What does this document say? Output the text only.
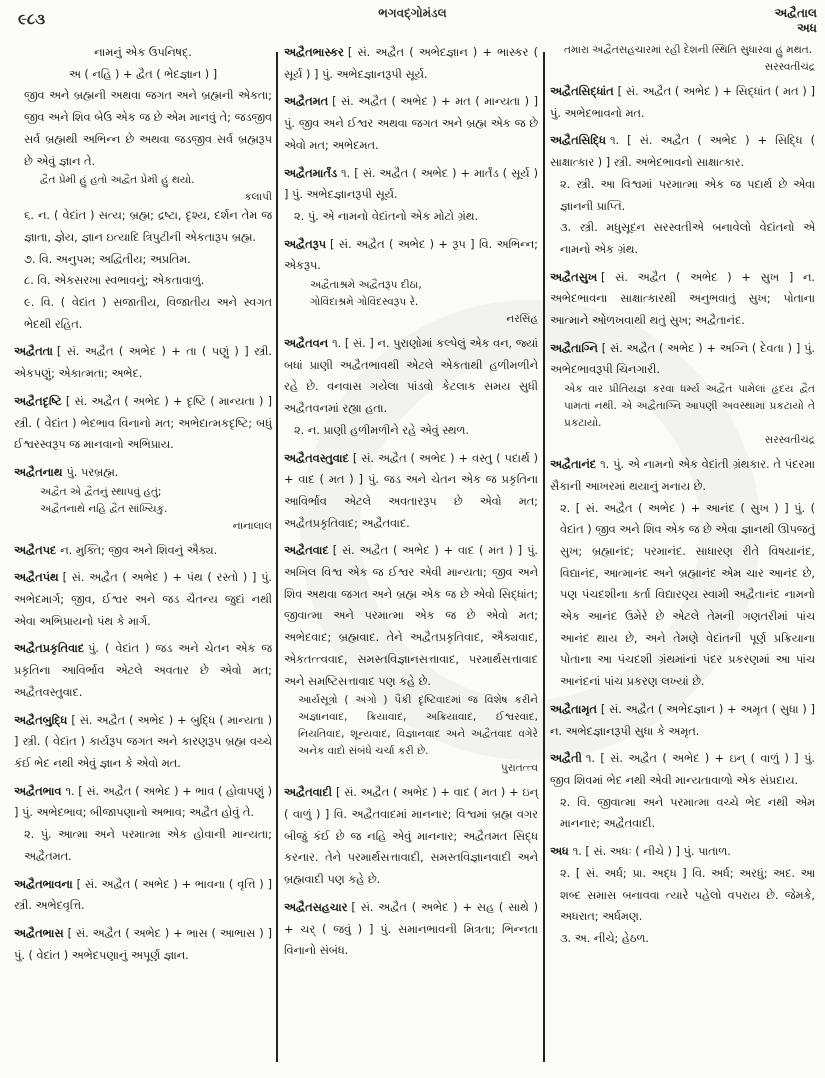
૯૮૩	ભગવદ્ગોમંડલ	અદ્વૈતાલ
અધ

નામનું એક ઉપનિષદ્.

અ ( નહિ ) + દ્વૈત ( ભેદજ્ઞાન ) ]

જીવ અને બ્રહ્મની અથવા જગત અને બ્રહ્મની એકતા; જીવ અને શિવ બેઉ એક જ છે એમ માનવું તે; જડજીવ સર્વ બ્રહ્મથી અભિન્ન છે અથવા જડજીવ સર્વ બ્રહ્મરૂપ છે એવું જ્ઞાન તે.

દ્વૈત પ્રેમી હું હતો અદ્વૈત પ્રેમી હું થયો.

કલાપી

૬. ન. ( વેદાંત ) સત્ય; બ્રહ્મ; દ્રષ્ટા, દૃશ્ય, દર્શન તેમ જ જ્ઞાતા, જ્ઞેય, જ્ઞાન ઇત્યાદિ ત્રિપુટીની એકતારૂપ બ્રહ્મ.

૭. વિ. અનુપમ; અદ્વિતીય; અપ્રતિમ.

૮. વિ. એકસરખા સ્વભાવનું; એકતાવાળું.

૯. વિ. ( વેદાંત ) સજાતીય, વિજાતીય અને સ્વગત ભેદથી રહિત.

અદ્વૈતતા [ સં. અદ્વૈત ( અભેદ ) + તા ( પણું ) ] સ્ત્રી. એકપણું; એકાત્મતા; અભેદ.
અદ્વૈતદૃષ્ટિ [ સં. અદ્વૈત ( અભેદ ) + દૃષ્ટિ ( માન્યતા ) ] સ્ત્રી. ( વેદાંત ) ભેદભાવ વિનાનો મત; અભેદાત્મકદૃષ્ટિ; બધું ઈશ્વરસ્વરૂપ જ માનવાનો અભિપ્રાય.
અદ્વૈતનાથ પું. પરબ્રહ્મ.

અદ્વૈત એ દ્વૈતનું સ્થાપવું હતું;

અદ્વૈતનાથે નહિ દ્વૈત સાંખ્યિકું.

નાનાલાલ

અદ્વૈતપદ ન. મુક્તિ; જીવ અને શિવનું ઐક્ય.
અદ્વૈતપંથ [ સં. અદ્વૈત ( અભેદ ) + પંથ ( રસ્તો ) ] પું. અભેદમાર્ગ; જીવ, ઈશ્વર અને જડ ચૈતન્ય જુદાં નથી એવા અભિપ્રાયનો પંથ કે માર્ગ.
અદ્વૈતપ્રકૃતિવાદ પું. ( વેદાંત ) જડ અને ચેતન એક જ પ્રકૃતિના આવિર્ભાવ એટલે અવતાર છે એવો મત; અદ્વૈતવસ્તુવાદ.
અદ્વૈતબુદ્ધિ [ સં. અદ્વૈત ( અભેદ ) + બુદ્ધિ ( માન્યતા ) ] સ્ત્રી. ( વેદાંત ) કાર્યરૂપ જગત અને કારણરૂપ બ્રહ્મ વચ્ચે કંઈ ભેદ નથી એવું જ્ઞાન કે એવો મત.
અદ્વૈતભાવ ૧. [ સં. અદ્વૈત ( અભેદ ) + ભાવ ( હોવાપણું ) ] પું. અભેદભાવ; બીજાપણાનો અભાવ; અદ્વૈત હોવું તે.

૨. પું. આત્મા અને પરમાત્મા એક હોવાની માન્યતા; અદ્વૈતમત.

અદ્વૈતભાવના [ સં. અદ્વૈત ( અભેદ ) + ભાવના ( વૃત્તિ ) ] સ્ત્રી. અભેદવૃત્તિ.
અદ્વૈતભાસ [ સં. અદ્વૈત ( અભેદ ) + ભાસ ( આભાસ ) ] પું. ( વેદાંત ) અભેદપણાનું અપૂર્ણ જ્ઞાન.
અદ્વૈતભાસ્કર [ સં. અદ્વૈત ( અભેદજ્ઞાન ) + ભાસ્કર ( સૂર્ય ) ] પું. અભેદજ્ઞાનરૂપી સૂર્ય.
અદ્વૈતમત [ સં. અદ્વૈત ( અભેદ ) + મત ( માન્યતા ) ] પું. જીવ અને ઈશ્વર અથવા જગત અને બ્રહ્મ એક જ છે એવો મત; અભેદમત.
અદ્વૈતમાર્તંડ ૧. [ સં. અદ્વૈત ( અભેદ ) + માર્તંડ ( સૂર્ય ) ] પું. અભેદજ્ઞાનરૂપી સૂર્ય.

૨. પું. એ નામનો વેદાંતનો એક મોટો ગ્રંથ.

અદ્વૈતરૂપ [ સં. અદ્વૈત ( અભેદ ) + રૂપ ] વિ. અભિન્ન; એકરૂપ.

અદ્વૈતાશ્રમે અદ્વૈતરૂપ દીઠા,

ગોવિંદાશ્રમે ગોવિંદસ્વરૂપ રે.

નરસિંહ

અદ્વૈતવન ૧. [ સં. ] ન. પુરાણોમાં કલ્પેલું એક વન, જ્યાં બધાં પ્રાણી અદ્વૈતભાવથી એટલે એકતાથી હળીમળીને રહે છે. વનવાસ ગયેલા પાંડવો કેટલાક સમય સુધી અદ્વૈતવનમાં રહ્યા હતા.

૨. ન. પ્રાણી હળીમળીને રહે એવું સ્થળ.

અદ્વૈતવસ્તુવાદ [ સં. અદ્વૈત ( અભેદ ) + વસ્તુ ( પદાર્થ ) + વાદ ( મત ) ] પું. જડ અને ચેતન એક જ પ્રકૃતિના આવિર્ભાવ એટલે અવતારરૂપ છે એવો મત; અદ્વૈતપ્રકૃતિવાદ; અદ્વૈતવાદ.
અદ્વૈતવાદ [ સં. અદ્વૈત ( અભેદ ) + વાદ ( મત ) ] પું. અખિલ વિશ્વ એક જ ઈશ્વર એવી માન્યતા; જીવ અને શિવ અથવા જગત અને બ્રહ્મ એક જ છે એવો સિદ્ધાંત; જીવાત્મા અને પરમાત્મા એક જ છે એવો મત; અભેદવાદ; બ્રહ્મવાદ. તેને અદ્વૈતપ્રકૃતિવાદ, ઐક્યવાદ, એકતત્ત્વવાદ, સમસ્તવિજ્ઞાનસત્તાવાદ, પરમાર્થસત્તાવાદ અને સમષ્ટિસત્તાવાદ પણ કહે છે.

આર્યસૂત્રો ( અંગો ) પૈકી દૃષ્ટિવાદમાં જ વિશેષ કરીને અજ્ઞાનવાદ, ક્રિયાવાદ, અક્રિયાવાદ, ઈશ્વરવાદ, નિયતિવાદ, શૂન્યવાદ, વિજ્ઞાનવાદ અને અદ્વૈતવાદ વગેરે અનેક વાદો સંબંધે ચર્ચા કરી છે.

પુરાતત્ત્વ

અદ્વૈતવાદી [ સં. અદ્વૈત ( અભેદ ) + વાદ ( મત ) + ઇન્ ( વાળું ) ] વિ. અદ્વૈતવાદમાં માનનાર; વિશ્વમાં બ્રહ્મ વગર બીજું કંઈ છે જ નહિ એવું માનનાર; અદ્વૈતમત સિદ્ધ કરનાર. તેને પરમાર્થસત્તાવાદી, સમસ્તવિજ્ઞાનવાદી અને બ્રહ્મવાદી પણ કહે છે.
અદ્વૈતસહચાર [ સં. અદ્વૈત ( અભેદ ) + સહ ( સાથે ) + ચર્ ( જવું ) ] પું. સમાનભાવની મિત્રતા; ભિન્નતા વિનાનો સંબંધ.

તમારા અદ્વૈતસહચારમાં રહી દેશની સ્થિતિ સુધારવા હું મથત.

સરસ્વતીચંદ્ર

અદ્વૈતસિદ્ધાંત [ સં. અદ્વૈત ( અભેદ ) + સિદ્ધાંત ( મત ) ] પું. અભેદભાવનો મત.
અદ્વૈતસિદ્ધિ ૧. [ સં. અદ્વૈત ( અભેદ ) + સિદ્ધિ ( સાક્ષાત્કાર ) ] સ્ત્રી. અભેદભાવનો સાક્ષાત્કાર.

૨. સ્ત્રી. આ વિશ્વમાં પરમાત્મા એક જ પદાર્થ છે એવા જ્ઞાનની પ્રાપ્તિ.

૩. સ્ત્રી. મધુસૂદન સરસ્વતીએ બનાવેલો વેદાંતનો એ નામનો એક ગ્રંથ.

અદ્વૈતસુખ [ સં. અદ્વૈત ( અભેદ ) + સુખ ] ન. અભેદભાવના સાક્ષાત્કારથી અનુભવાતું સુખ; પોતાના આત્માને ઓળખવાથી થતું સુખ; અદ્વૈતાનંદ.
અદ્વૈતાગ્નિ [ સં. અદ્વૈત ( અભેદ ) + અગ્નિ ( દેવતા ) ] પું. અભેદભાવરૂપી ચિનગારી.

એક વાર પ્રીતિયજ્ઞ કરવા ધર્મ્ય અદ્વૈત પામેલાં હૃદય દ્વૈત પામતાં નથી. એ અદ્વૈતાગ્નિ આપણી અવસ્થામાં પ્રકટાયો તે પ્રકટાયો.

સરસ્વતીચંદ્ર

અદ્વૈતાનંદ ૧. પું. એ નામનો એક વેદાંતી ગ્રંથકાર. તે પંદરમા સૈકાની આખરમાં થયાનું મનાય છે.

૨. [ સં. અદ્વૈત ( અભેદ ) + આનંદ ( સુખ ) ] પું. ( વેદાંત ) જીવ અને શિવ એક જ છે એવા જ્ઞાનથી ઊપજતું સુખ; બ્રહ્માનંદ; પરમાનંદ. સાધારણ રીતે વિષયાનંદ, વિદ્યાનંદ, આત્માનંદ અને બ્રહ્માનંદ એમ ચાર આનંદ છે, પણ પંચદશીના કર્તા વિદ્યારણ્ય સ્વામી અદ્વૈતાનંદ નામનો એક આનંદ ઉમેરે છે એટલે તેમની ગણતરીમાં પાંચ આનંદ થાય છે, અને તેમણે વેદાંતની પૂર્ણ પ્રક્રિયાના પોતાના આ પંચદશી ગ્રંથમાંનાં પંદર પ્રકરણમાં આ પાંચ આનંદનાં પાંચ પ્રકરણ લખ્યાં છે.

અદ્વૈતામૃત [ સં. અદ્વૈત ( અભેદજ્ઞાન ) + અમૃત ( સુધા ) ] ન. અભેદજ્ઞાનરૂપી સુધા કે અમૃત.
અદ્વૈતી ૧. [ સં. અદ્વૈત ( અભેદ ) + ઇન્ ( વાળું ) ] પું. જીવ શિવમાં ભેદ નથી એવી માન્યતાવાળો એક સંપ્રદાય.

૨. વિ. જીવાત્મા અને પરમાત્મા વચ્ચે ભેદ નથી એમ માનનાર; અદ્વૈતવાદી.

અધ ૧. [ સં. અધઃ ( નીચે ) ] પું. પાતાળ.

૨. [ સં. અર્ધ; પ્રા. અદ્ધ ] વિ. અર્ધ; અરધું; અદ. આ શબ્દ સમાસ બનાવવા ત્યારે પહેલો વપરાય છે. જેમકે, અધરાત; અર્ધમણ.

૩. અ. નીચે; હેઠળ.
